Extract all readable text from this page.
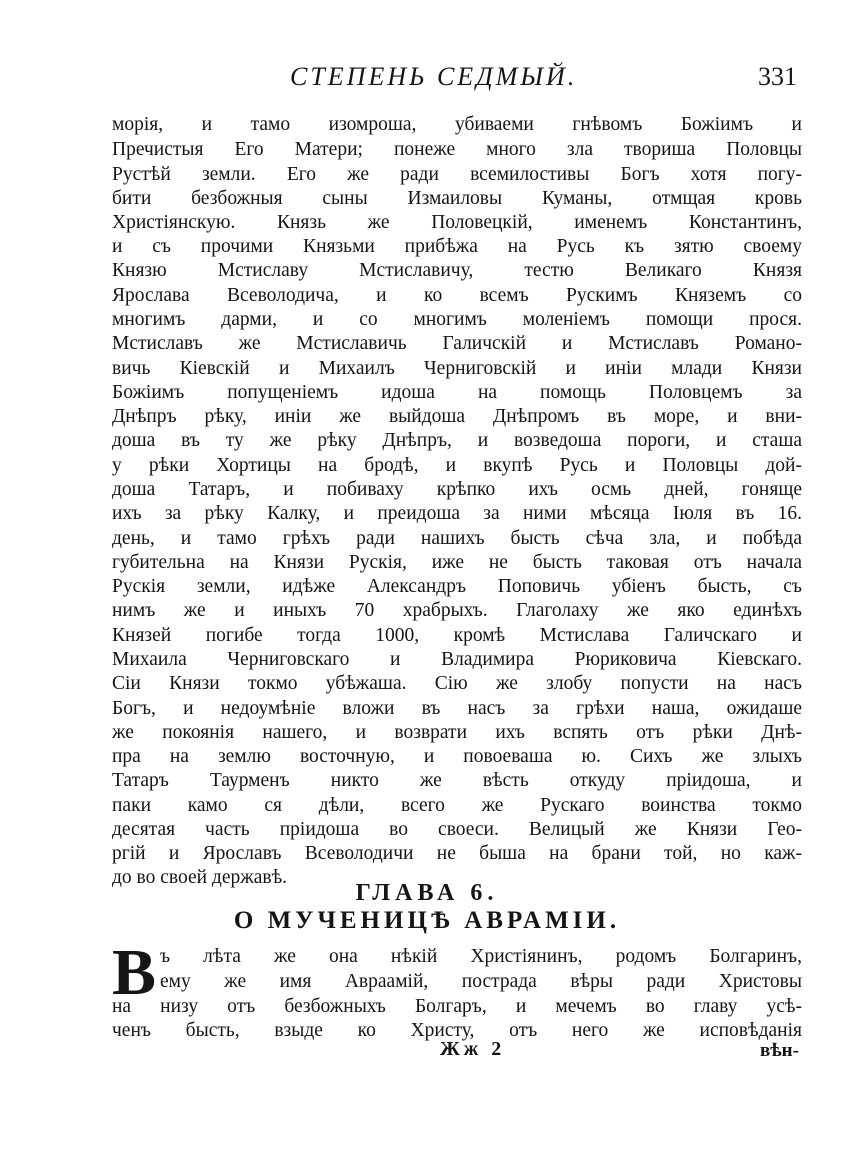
СТЕПЕНЬ СЕДМЫЙ.	331
морія, и тамо изомроша, убиваеми гнѣвомъ Божіимъ и
Пречистыя Его Матери; понеже много зла твориша Половцы
Рустѣй земли. Его же ради всемилостивы Богъ хотя погу-
бити безбожныя сыны Измаиловы Куманы, отмщая кровь
Христіянскую. Князь же Половецкій, именемъ Константинъ,
и съ прочими Князьми прибѣжа на Русь къ зятю своему
Князю Мстиславу Мстиславичу, тестю Великаго Князя
Ярослава Всеволодича, и ко всемъ Рускимъ Княземъ со
многимъ дарми, и со многимъ моленіемъ помощи прося.
Мстиславъ же Мстиславичь Галичскій и Мстиславъ Романо-
вичь Кіевскій и Михаилъ Черниговскій и иніи млади Князи
Божіимъ попущеніемъ идоша на помощь Половцемъ за
Днѣпръ рѣку, иніи же выйдоша Днѣпромъ въ море, и вни-
доша въ ту же рѣку Днѣпръ, и возведоша пороги, и сташа
у рѣки Хортицы на бродѣ, и вкупѣ Русь и Половцы дой-
доша Татаръ, и побиваху крѣпко ихъ осмь дней, гоняще
ихъ за рѣку Калку, и преидоша за ними мѣсяца Іюля въ 16.
день, и тамо грѣхъ ради нашихъ бысть сѣча зла, и побѣда
губительна на Князи Рускія, иже не бысть таковая отъ начала
Рускія земли, идѣже Александръ Поповичь убіенъ бысть, съ
нимъ же и иныхъ 70 храбрыхъ. Глаголаху же яко единѣхъ
Князей погибе тогда 1000, кромѣ Мстислава Галичскаго и
Михаила Черниговскаго и Владимира Рюриковича Кіевскаго.
Сіи Князи токмо убѣжаша. Сію же злобу попусти на насъ
Богъ, и недоумѣніе вложи въ насъ за грѣхи наша, ожидаше
же покоянія нашего, и возврати ихъ вспять отъ рѣки Днѣ-
пра на землю восточную, и повоеваша ю. Сихъ же злыхъ
Татаръ Таурменъ никто же вѣсть откуду пріидоша, и
паки камо ся дѣли, всего же Рускаго воинства токмо
десятая часть пріидоша во своеси. Велицый же Князи Гео-
ргій и Ярославъ Всеволодичи не быша на брани той, но каж-
до во своей державѣ.
ГЛАВА 6.
О МУЧЕНИЦѢ АВРАМІИ.
В ъ лѣта же она нѣкій Христіянинъ, родомъ Болгаринъ,
ему же имя Авраамій, пострада вѣры ради Христовы
на низу отъ безбожныхъ Болгаръ, и мечемъ во главу усѣ-
ченъ бысть, взыде ко Христу, отъ него же исповѣданія
Жж 2	вѣн-
